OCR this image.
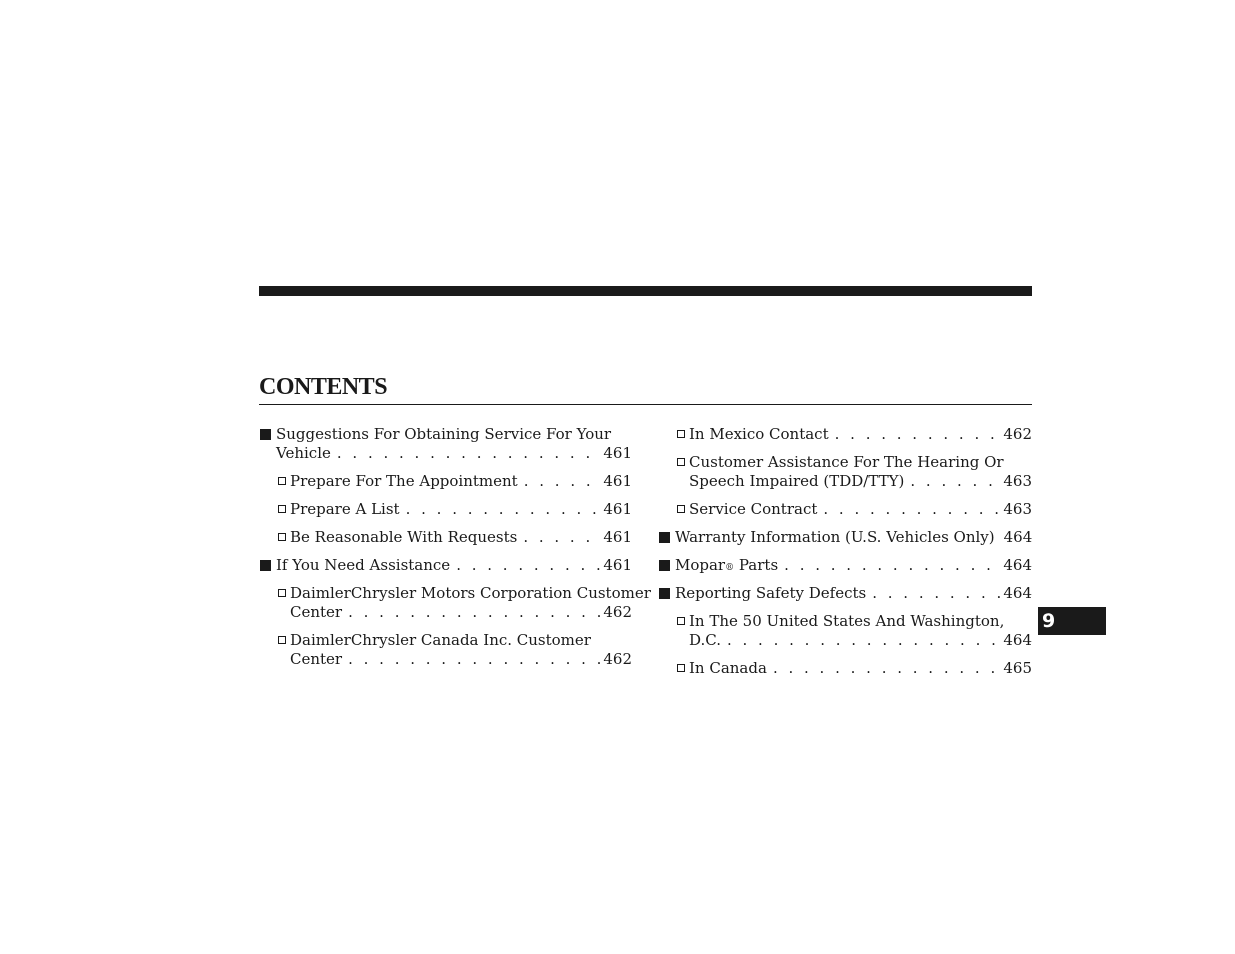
CONTENTS
Suggestions For Obtaining Service For Your
Vehicle . . .	461
Prepare For The Appointment . . .	461
Prepare A List . . .	461
Be Reasonable With Requests . . .	461
If You Need Assistance . . .	461
DaimlerChrysler Motors Corporation Customer
Center . . .	462
DaimlerChrysler Canada Inc. Customer
Center . . .	462
In Mexico Contact . . .	462
Customer Assistance For The Hearing Or
Speech Impaired (TDD/TTY) . . .	463
Service Contract . . .	463
Warranty Information (U.S. Vehicles Only) 464
Mopar ®
Parts . . .	464
Reporting Safety Defects . . .	464
In The 50 United States And Washington,
D.C. . . .	464
In Canada . . .	465
9
